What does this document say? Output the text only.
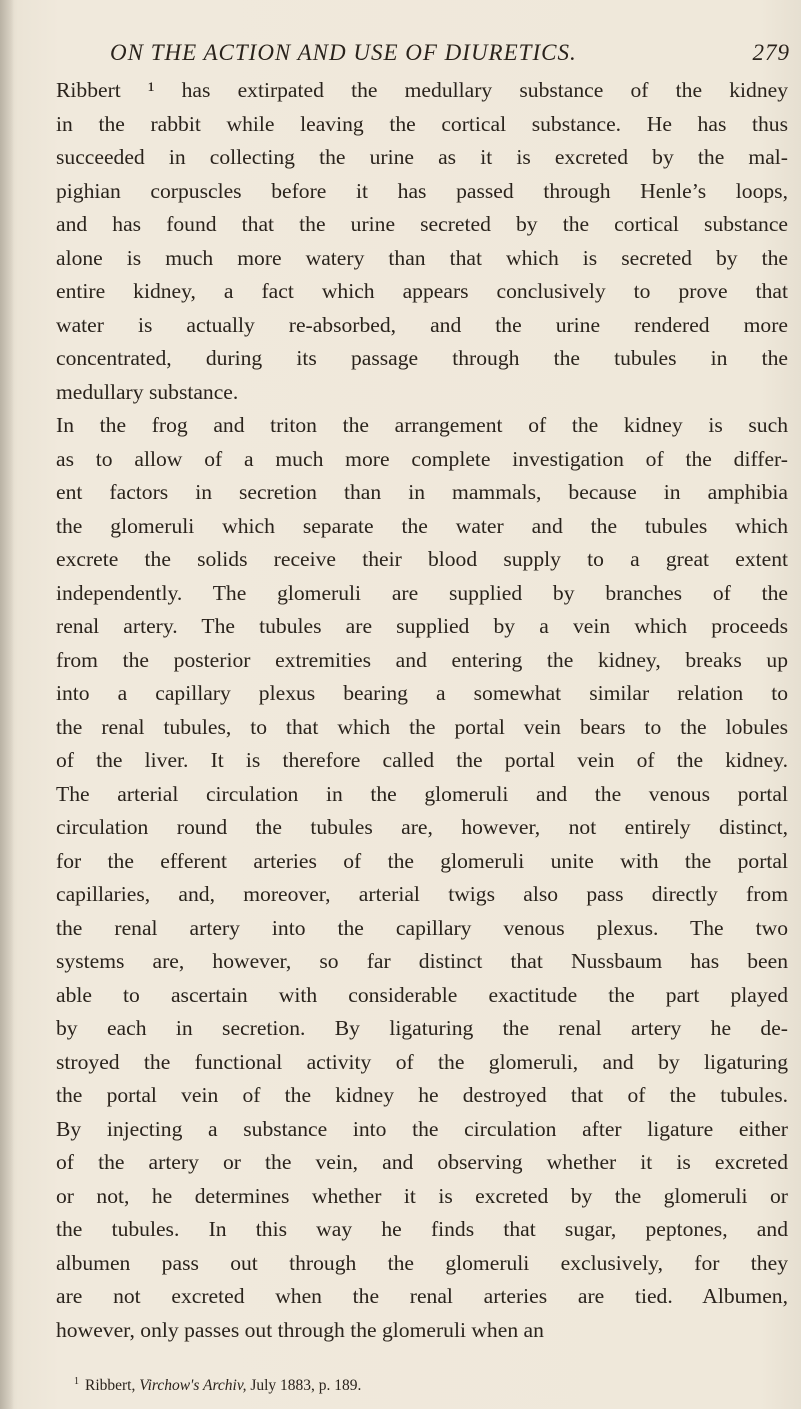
ON THE ACTION AND USE OF DIURETICS.	279
Ribbert ¹ has extirpated the medullary substance of the kidney
in the rabbit while leaving the cortical substance. He has thus
succeeded in collecting the urine as it is excreted by the mal-
pighian corpuscles before it has passed through Henle’s loops,
and has found that the urine secreted by the cortical substance
alone is much more watery than that which is secreted by the
entire kidney, a fact which appears conclusively to prove that
water is actually re-absorbed, and the urine rendered more
concentrated, during its passage through the tubules in the
medullary substance.
In the frog and triton the arrangement of the kidney is such
as to allow of a much more complete investigation of the differ-
ent factors in secretion than in mammals, because in amphibia
the glomeruli which separate the water and the tubules which
excrete the solids receive their blood supply to a great extent
independently. The glomeruli are supplied by branches of the
renal artery. The tubules are supplied by a vein which proceeds
from the posterior extremities and entering the kidney, breaks up
into a capillary plexus bearing a somewhat similar relation to
the renal tubules, to that which the portal vein bears to the lobules
of the liver. It is therefore called the portal vein of the kidney.
The arterial circulation in the glomeruli and the venous portal
circulation round the tubules are, however, not entirely distinct,
for the efferent arteries of the glomeruli unite with the portal
capillaries, and, moreover, arterial twigs also pass directly from
the renal artery into the capillary venous plexus. The two
systems are, however, so far distinct that Nussbaum has been
able to ascertain with considerable exactitude the part played
by each in secretion. By ligaturing the renal artery he de-
stroyed the functional activity of the glomeruli, and by ligaturing
the portal vein of the kidney he destroyed that of the tubules.
By injecting a substance into the circulation after ligature either
of the artery or the vein, and observing whether it is excreted
or not, he determines whether it is excreted by the glomeruli or
the tubules. In this way he finds that sugar, peptones, and
albumen pass out through the glomeruli exclusively, for they
are not excreted when the renal arteries are tied. Albumen,
however, only passes out through the glomeruli when an
$^1$ Ribbert, Virchow's Archiv, July 1883, p. 189.
